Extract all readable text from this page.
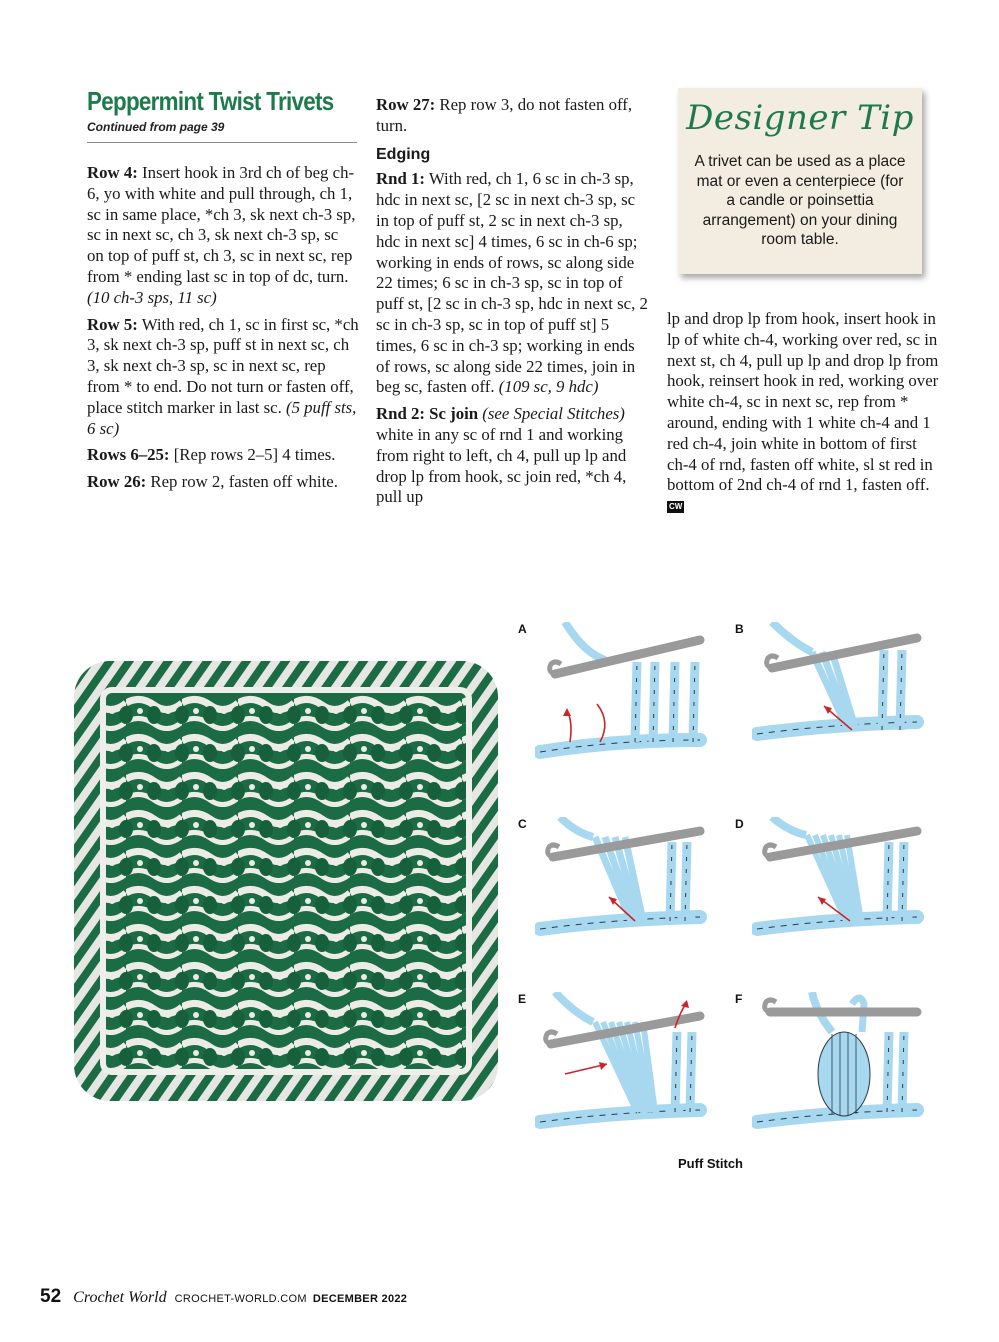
Peppermint Twist Trivets
Continued from page 39

Row 4: Insert hook in 3rd ch of beg ch-6, yo with white and pull through, ch 1, sc in same place, *ch 3, sk next ch-3 sp, sc in next sc, ch 3, sk next ch-3 sp, sc on top of puff st, ch 3, sc in next sc, rep from * ending last sc in top of dc, turn. (10 ch-3 sps, 11 sc)

Row 5: With red, ch 1, sc in first sc, *ch 3, sk next ch-3 sp, puff st in next sc, ch 3, sk next ch-3 sp, sc in next sc, rep from * to end. Do not turn or fasten off, place stitch marker in last sc. (5 puff sts, 6 sc)

Rows 6–25: [Rep rows 2–5] 4 times.

Row 26: Rep row 2, fasten off white.

Row 27: Rep row 3, do not fasten off, turn.

Edging

Rnd 1: With red, ch 1, 6 sc in ch-3 sp, hdc in next sc, [2 sc in next ch-3 sp, sc in top of puff st, 2 sc in next ch-3 sp, hdc in next sc] 4 times, 6 sc in ch-6 sp; working in ends of rows, sc along side 22 times; 6 sc in ch-3 sp, sc in top of puff st, [2 sc in ch-3 sp, hdc in next sc, 2 sc in ch-3 sp, sc in top of puff st] 5 times, 6 sc in ch-3 sp; working in ends of rows, sc along side 22 times, join in beg sc, fasten off. (109 sc, 9 hdc)

Rnd 2: Sc join (see Special Stitches) white in any sc of rnd 1 and working from right to left, ch 4, pull up lp and drop lp from hook, sc join red, *ch 4, pull up

lp and drop lp from hook, insert hook in lp of white ch-4, working over red, sc in next st, ch 4, pull up lp and drop lp from hook, reinsert hook in red, working over white ch-4, sc in next sc, rep from * around, ending with 1 white ch-4 and 1 red ch-4, join white in bottom of first ch-4 of rnd, fasten off white, sl st red in bottom of 2nd ch-4 of rnd 1, fasten off. CW

Designer Tip
A trivet can be used as a place mat or even a centerpiece (for a candle or poinsettia arrangement) on your dining room table.
A	B
C	D
E	F
Puff Stitch
52 Crochet World CROCHET-WORLD.COM DECEMBER 2022
